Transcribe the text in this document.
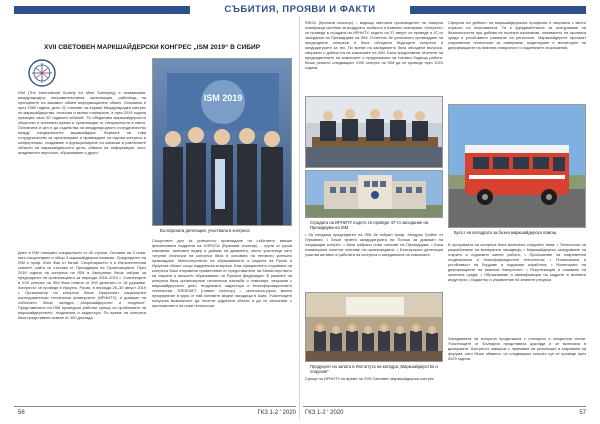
СЪБИТИЯ, ПРОЯВИ И ФАКТИ
XVII СВЕТОВЕН МАРКШАЙДЕРСКИ КОНГРЕС „ISM 2019“ В СИБИР
ISM (The International Society for Mine Surveying) е независима, международна, неправителствена организация, работеща на принципите на взаимен обмен информационни обмен. Основана е през 1969 година, днес 22 членове на първия Международен конгрес по маркшайдерство, геология и минно планиране, а през 2019 година празнува своя 50 годишен юбилей. Тя обединява маркшайдерското общество и системни мрежи и организации от специалности в света. Основната ѝ цел е да съдейства на международното сътрудничество между специалистите маркшайдери. Формите на това сътрудничество са организиране и провеждане на научни конгреси и конференции, създаване и функциониране на комисии в различните области на маркшайдерското дело, обмяна на информация, опит, академичен персонал, образование и други.
Днес в ISM членуват специалисти от 40 страни. Основни на 3 нива, като съществуват и общо 4 маркшайдерски комисии. Председател на ISM е проф. Юен Фан от Китай. Секретариатът е в Изпълнителния комитет, който се съставя от Президиума на Организацията. През 2016 година на конгреса на ISM в Австралия беше избран за председател на организацията за периода 2016–2019 г. Участниците в XVII конгрес на ISM бяха повече от 200 делегати от 16 държави. Конгресът се проведе в Иркутск, Русия, в периода 26–30 август 2019 г. Организатор на конгреса беше Иркутският национален изследователски технически университет (ИРНИТУ), а домакин на събитието беше катедра „Маркшайдерство и геодезия“. Представители на ISM проведоха работни срещи по проблемите на маркшайдерството, геодезията и кадастъра. По време на конгреса бяха представени повече от 100 доклада.
ISM 2019
Българската делегация, участвала в конгреса
Съществен дял за успешното провеждане на събитието имаше финансовата подкрепа на АЛРОСА (Вранием спонсор) – група от руски компании, световен лидер в добива на диаманти, чиито участници като титулни спонсори на конгреса бяха в основата на неговото успешно провеждане. Министерството на образованието и науката на Русия и Иркутска област също подкрепиха конгреса. Към официалното откриване на конгреса бяха отправени приветствия от представители на Министерството на науката и висшето образование на Руската федерация. В рамките на конгреса бяха организирани технически изложби и семинари, свързани с маркшайдерското дело, геодезията, кадастъра и геоинформационните технологии. ERDENET (главен спонсор) – монголско-руско минно предприятие в едно от най-големите медни находища в Азия. Участниците получиха възможност да посетят руднични обекти и да се запознаят с приложението на нови технологии.
RIEGL (бронзов спонсор) – водеща световна производител на лазерни сканиращи системи за въздушно, мобилно и наземно сканиране. Конгресът се проведе в сградата на ИРНИТУ, където на 27 август се проведе и 47-то заседание на Президиума на ISM. Отчетено бе успешното провеждане на предходните конгреси и бяха обсъдени бъдещите конгреси и кандидатурите за тях. По време на заседанието бяха обсъдени въпроси, свързани с дейността на комисиите на ISM. Бяха представени отчетите на председателите на комисиите и предложения за тяхната бъдеща работа. Беше решено следващият XVIII конгрес на ISM да се проведе през 2023 година.
Сградата на ИРНИТУ където се проведе 47-то заседание на Президиума на ISM
• За следващ председател на ISM бе избран проф. Хендрик Гройхе от Германия. • Беше приета кандидатурата на Полша за домакин на следващия конгрес. • Бяха избрани нови членове на Президиума. • Бяха номинирани почетни членове на организацията. • Българската делегация участва активно в работата на конгреса и заседанията на комисиите.
Продуцент на залата в Института на катедра „Маркшайдерство и геодезия“
Среща на ИРНИТУ по време на XVII Световен маркшайдерски конгрес
Сферата на дейност на маркшайдерската професия е свързана с много отрасли на икономиката. Тя е фундаментална за осигуряване на безопасността при добива на полезни изкопаеми, опазването на околната среда и устойчивото развитие на регионите. Маркшайдерите прилагат съвременни технологии за измерване, моделиране и мониторинг на деформациите на земната повърхност и подземните съоръжения.
Бусът на катедрата за бъзна маркшайдерска помощ
В програмата на конгреса бяха включени следните теми: • Технологии за разработване на минерални находища; • Маркшайдерско осигуряване на открити и подземни минни работи; • Приложение на съвременни геодезически и геоинформационни технологии; • Геомеханика и устойчивост на бордове и подземни изработки; • Мониторинг на деформациите на земната повърхност; • Рекултивация и опазване на околната среда; • Образование и квалификация на кадрите в минната индустрия; • Кадастър и управление на земните ресурси.
Заседанията на конгреса продължиха с пленарни и секционни сесии. Участниците от България представиха доклади и се включиха в дискусиите. Конгресът завърши с приемане на резолюция и закриване на форума, като беше обявено, че следващият конгрес ще се проведе през 2023 година.
56	ГКЗ 1-2 ' 2020 ГКЗ 1-2 ' 2020	57
